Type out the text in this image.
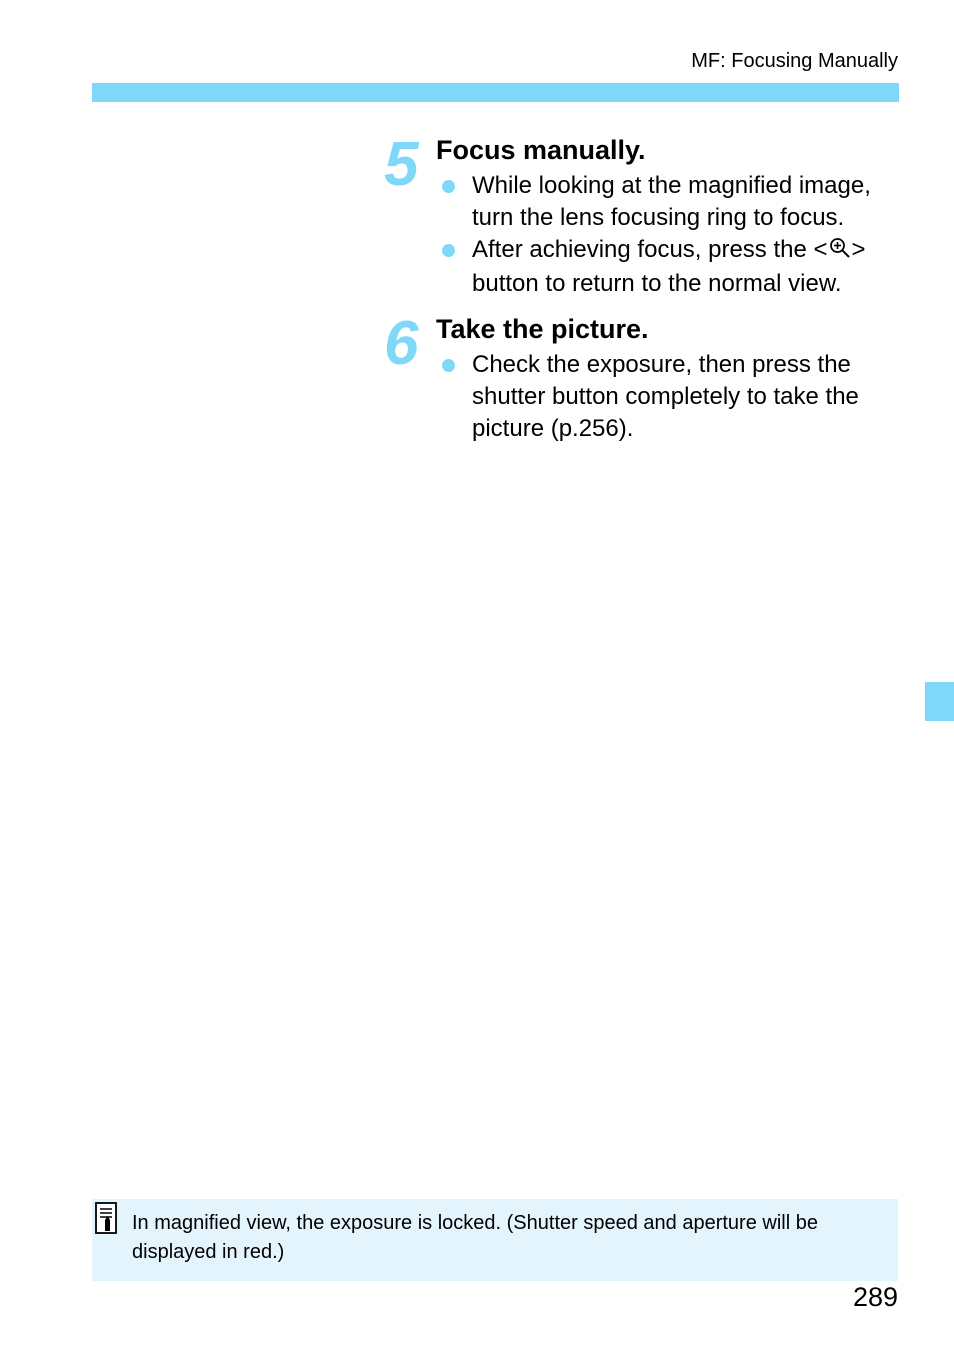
MF: Focusing Manually
5 Focus manually.
While looking at the magnified image, turn the lens focusing ring to focus.
After achieving focus, press the < > button to return to the normal view.
6 Take the picture.
Check the exposure, then press the shutter button completely to take the picture (p.256).
In magnified view, the exposure is locked. (Shutter speed and aperture will be displayed in red.)
289
